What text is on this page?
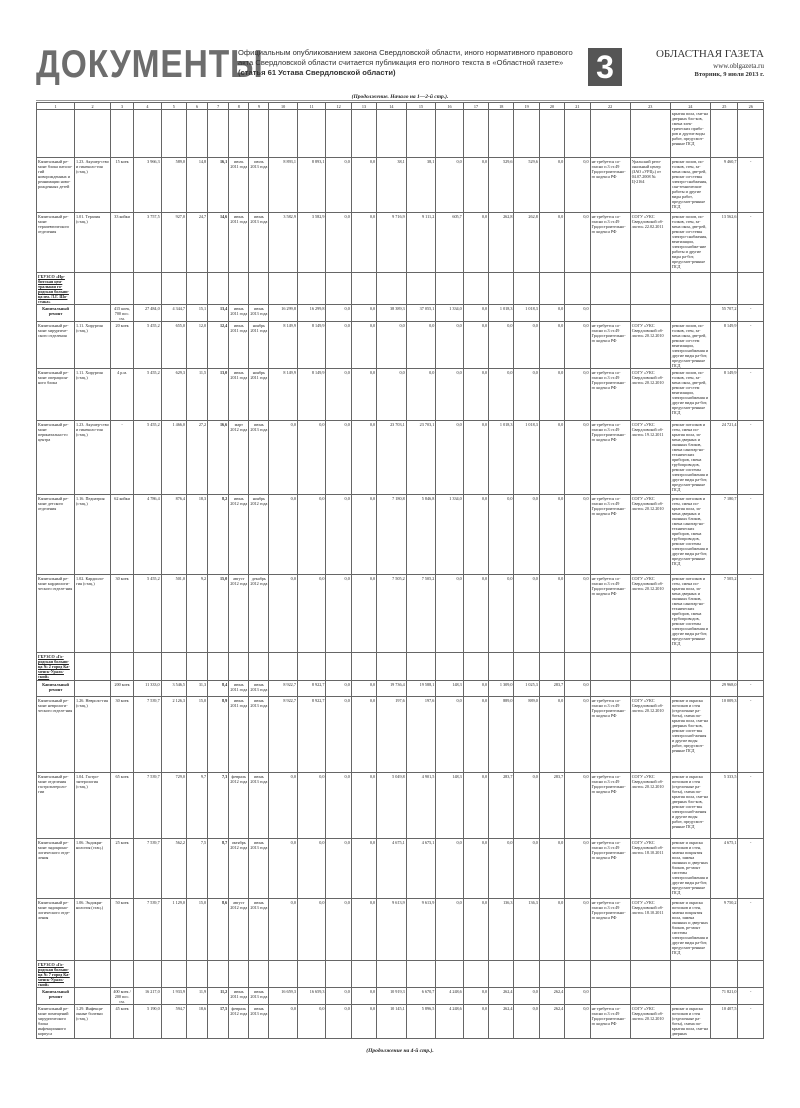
ДОКУМЕНТЫ
Официальным опубликованием закона Свердловской области, иного нормативного правового акта Свердловской области считается публикация его полного текста в «Областной газете» (статья 61 Устава Свердловской области)	3	ОБЛАСТНАЯ ГАЗЕТА
www.oblgazeta.ru
Вторник, 9 июля 2013 г.
(Продолжение. Начало на 1—2-й стр.).
1	2	3	4	5	6	7	8	9	10	11	12	13	14	15	16	17	18	19	20	21	22	23	24	25	26
																							крытия пола, сме-на дверных бло-ков, смена элек-трических прибо-ров и другие виды работ, предусмот-ренные ПСД		
Капитальный ре-монт блока патоло-гий новорожденных и реанимации ново-рожденных детей	1.23. Акушер-ство и гинеколо-гия (стац.)	15 коек	3 966,3	589,0	14,8	16,1	июль 2011 года	июль 2013 года	8 893,1	8 893,1	0,0	0,0	38,1	38,1	0,0	0,0	529,6	529,6	0,0	0,0	не требуется со-гласно п.3 ст.49 Градостроительно-го кодекса РФ	Уральский реги-ональный центр (ЗАО «УРЦ») от 04.07.2008 № Ц-2164	ремонт полов, по-толков, стен, за-мена окон, две-рей, ремонт си-стемы электро-снабжения, сан-технические работы и другие виды работ, предусмот-ренные ПСД	9 460,7	-
Капитальный ре-монт терапевтического отделения	1.01. Терапия (стац.)	33 койки	3 757,5	927,0	24,7	14,6	июнь 2011 года	июнь 2013 года	3 582,9	3 582,9	0,0	0,0	9 716,9	9 111,2	605,7	0,0	262,8	262,8	0,0	0,0	не требуется со-гласно п.3 ст.49 Градостроительно-го кодекса РФ	СОГУ «УКС Свердловской об-ласти» 22.02.2011	ремонт полов, по-толков, стен, за-мена окон, две-рей, ремонт си-стемы электро-снабжения, вентиляции, электроснабже-ние работы и другие виды ра-бот, предусмот-ренные ПСД	13 562,6	-
ГБУЗСО «Ир-битская цен-тральная го-родская больни-ца им. Л.Г. Шо-стака»																									
Капитальный ремонт		415 коек, 700 пос. см.	27 484,0	4 344,7	15,1	13,4	июнь 2011 года	июнь 2013 года	16 299,8	16 299,8	0,0	0,0	38 389,3	37 055,1	1 334,0	0,0	1 018,3	1 018,3	0,0	0,0				55 707,2	-
Капитальный ре-монт хирургиче-ского отделения	1.11. Хирургия (стац.)	20 коек	5 455,2	655,0	12,0	12,4	июнь 2011 года	ноябрь 2011 года	8 149,9	8 149,9	0,0	0,0	0,0	0,0	0,0	0,0	0,0	0,0	0,0	0,0	не требуется со-гласно п.3 ст.49 Градостроительно-го кодекса РФ	СОГУ «УКС Свердловской об-ласти» 20.12.2010	ремонт полов, по-толков, стен, за-мена окон, две-рей, ремонт си-стем вентиляции, электроснабжения и другие виды ра-бот, предусмот-ренные ПСД	8 149,9	-
Капитальный ре-монт операцион-ного блока	1.11. Хирургия (стац.)	4 р.м.	5 455,2	629,3	11,5	13,0	июнь 2011 года	ноябрь 2011 года	8 149,9	8 149,9	0,0	0,0	0,0	0,0	0,0	0,0	0,0	0,0	0,0	0,0	не требуется со-гласно п.3 ст.49 Градостроительно-го кодекса РФ	СОГУ «УКС Свердловской об-ласти» 20.12.2010	ремонт полов, по-толков, стен, за-мена окон, две-рей, ремонт си-стем вентиляции, электроснабжения и другие виды ра-бот, предусмот-ренные ПСД	8 149,9	-
Капитальный ре-монт перинатально-го центра	1.23. Акушер-ство и гинеколо-гия (стац.)	-	5 455,2	1 466,0	27,2	16,6	март 2012 года	июнь 2013 года	0,0	0,0	0,0	0,0	23 703,1	23 703,1	0,0	0,0	1 018,3	1 018,3	0,0	0,0	не требуется со-гласно п.3 ст.49 Градостроительно-го кодекса РФ	СОГУ «УКС Свердловской об-ласти» 19.12.2011	ремонт потолков и стен, смена по-крытия пола, за-мена дверных и оконных блоков, смена санитар-но-технических приборов, смена трубопроводов, ремонт системы электроснабжения и другие виды ра-бот, предусмот-ренные ПСД	24 721,4	-
Капитальный ре-монт детского отделения	1.16. Педиатрия (стац.)	62 койки	4 786,4	876,4	18,3	8,2	июнь 2012 года	ноябрь 2012 года	0,0	0,0	0,0	0,0	7 180,8	5 846,8	1 334,0	0,0	0,0	0,0	0,0	0,0	не требуется со-гласно п.3 ст.49 Градостроительно-го кодекса РФ	СОГУ «УКС Свердловской об-ласти» 20.12.2010	ремонт потолков и стен, смена по-крытия пола, за-мена дверных и оконных блоков, смена санитар-но-технических приборов, смена трубопроводов, ремонт системы электроснабжения и другие виды ра-бот, предусмот-ренные ПСД	7 180,7	-
Капитальный ре-монт кардиологи-ческого отделе-ния	1.02. Кардиоло-гия (стац.)	30 коек	5 455,2	501,0	9,2	15,0	август 2012 года	декабрь 2012 года	0,0	0,0	0,0	0,0	7 505,2	7 505,2	0,0	0,0	0,0	0,0	0,0	0,0	не требуется со-гласно п.3 ст.49 Градостроительно-го кодекса РФ	СОГУ «УКС Свердловской об-ласти» 20.12.2010	ремонт потолков и стен, смена по-крытия пола, за-мена дверных и оконных блоков, смена санитар-но-технических приборов, смена трубопроводов, ремонт системы электроснабжения и другие виды ра-бот, предусмот-ренные ПСД	7 505,2	-
ГБУЗСО «Го-родская больни-ца № 2 город Ка-менск-Ураль-ский»																									
Капитальный ремонт		200 коек	11 333,0	3 546,5	31,3	8,4	июнь 2011 года	июнь 2013 года	8 922,7	8 922,7	0,0	0,0	19 736,4	19 588,1	148,3	0,0	1 309,0	1 025,3	283,7	0,0				29 968,0	-
Капитальный ре-монт неврологи-ческого отделе-ния	1.26. Невроло-гия (стац.)	30 коек	7 539,7	2 126,3	15,0	8,9	июнь 2011 года	июнь 2013 года	8 922,7	8 922,7	0,0	0,0	197,6	197,6	0,0	0,0	889,0	889,0	0,0	0,0	не требуется со-гласно п.3 ст.49 Градостроительно-го кодекса РФ	СОГУ «УКС Свердловской об-ласти» 20.12.2010	ремонт и окраска потолков и стен (отделочные ра-боты), смена по-крытия пола, сме-на дверных бло-ков, ремонт систе-мы электроснаб-жения и другие виды работ, предусмот-ренные ПСД	10 009,3	-
Капитальный ре-монт отделения гастроэнтероло-гии	1.04. Гастро-энтерология (стац.)	65 коек	7 539,7	729,0	9,7	7,3	февраль 2012 года	июнь 2013 года	0,0	0,0	0,0	0,0	5 049,8	4 901,5	148,3	0,0	283,7	0,0	283,7	0,0	не требуется со-гласно п.3 ст.49 Градостроительно-го кодекса РФ	СОГУ «УКС Свердловской об-ласти» 20.12.2010	ремонт и окраска потолков и стен (отделочные ра-боты), смена по-крытия пола, сме-на дверных бло-ков, ремонт систе-мы электроснаб-жения и другие виды работ, предусмот-ренные ПСД	5 333,5	-
Капитальный ре-монт эндокрино-логического отде-ления	1.06. Эндокри-нология (стац.)	25 коек	7 539,7	562,2	7,5	8,7	октябрь 2012 года	июнь 2013 года	0,0	0,0	0,0	0,0	4 675,1	4 675,1	0,0	0,0	0,0	0,0	0,0	0,0	не требуется со-гласно п.3 ст.49 Градостроительно-го кодекса РФ	СОГУ «УКС Свердловской об-ласти» 18.10.2011	ремонт и окраска потолков и стен, замена покрытия пола, замена оконных и двер-ных блоков, ре-монт системы электроснабжения и другие виды ра-бот, предусмот-ренные ПСД	4 675,1	-
Капитальный ре-монт эндокрино-логического отде-ления	1.06. Эндокри-нология (стац.)	50 коек	7 539,7	1 129,0	15,0	8,6	август 2012 года	июнь 2013 года	0,0	0,0	0,0	0,0	9 613,9	9 613,9	0,0	0,0	136,3	136,3	0,0	0,0	не требуется со-гласно п.3 ст.49 Градостроительно-го кодекса РФ	СОГУ «УКС Свердловской об-ласти» 18.10.2011	ремонт и окраска потолков и стен, замена покрытия пола, замена оконных и двер-ных блоков, ре-монт системы электроснабжения и другие виды ра-бот, предусмот-ренные ПСД	9 750,2	-
ГБУЗСО «Го-родская больни-ца № 7 город Ка-менск-Ураль-ский»																									
Капитальный ремонт		400 коек / 200 пос. см.	16 217,0	1 933,9	11,9	11,2	июнь 2011 года	июнь 2013 года	16 659,3	16 659,3	0,0	0,0	10 919,3	6 670,7	4 248,6	0,0	262,4	0,0	262,4	0,0				71 821,0	-
Капитальный ре-монт помещений хирургического блока инфекционного корпуса	1.29. Инфекци-онные болезни (стац.)	45 коек	5 190,0	594,7	18,6	17,5	февраль 2012 года	июнь 2013 года	0,0	0,0	0,0	0,0	10 145,1	5 896,5	4 248,6	0,0	262,4	0,0	262,4	0,0	не требуется со-гласно п.3 ст.49 Градостроительно-го кодекса РФ	СОГУ «УКС Свердловской об-ласти» 20.12.2010	ремонт и окраска потолков и стен (отделочные ра-боты), смена по-крытия пола, сме-на дверных	10 407,5	-
(Продолжение на 4-й стр.).
